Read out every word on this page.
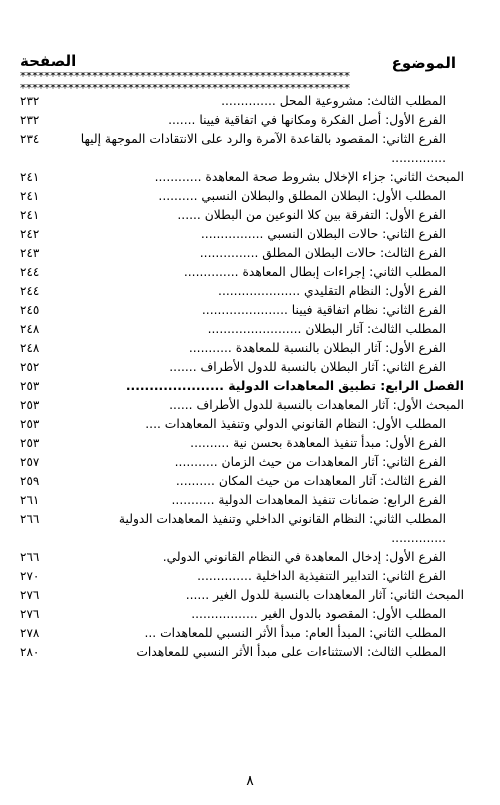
الموضوع
الصفحة
*******************************************************
*******************************************************
المطلب الثالث: مشروعية المحل ..............
٢٣٢
الفرع الأول: أصل الفكرة ومكانها في اتفاقية فيينا .......
٢٣٢
الفرع الثاني: المقصود بالقاعدة الآمرة والرد على الانتقادات الموجهة إليها ..............
٢٣٤
المبحث الثاني: جزاء الإخلال بشروط صحة المعاهدة ............
٢٤١
المطلب الأول: البطلان المطلق والبطلان النسبي ..........
٢٤١
الفرع الأول: التفرقة بين كلا النوعين من البطلان ......
٢٤١
الفرع الثاني: حالات البطلان النسبي ................
٢٤٢
الفرع الثالث: حالات البطلان المطلق ...............
٢٤٣
المطلب الثاني: إجراءات إبطال المعاهدة ..............
٢٤٤
الفرع الأول: النظام التقليدي .....................
٢٤٤
الفرع الثاني: نظام اتفاقية فيينا ......................
٢٤٥
المطلب الثالث: آثار البطلان ........................
٢٤٨
الفرع الأول: آثار البطلان بالنسبة للمعاهدة ...........
٢٤٨
الفرع الثاني: آثار البطلان بالنسبة للدول الأطراف .......
٢٥٢
الفصل الرابع: تطبيق المعاهدات الدولية .....................
٢٥٣
المبحث الأول: آثار المعاهدات بالنسبة للدول الأطراف ......
٢٥٣
المطلب الأول: النظام القانوني الدولي وتنفيذ المعاهدات ....
٢٥٣
الفرع الأول: مبدأ تنفيذ المعاهدة بحسن نية ..........
٢٥٣
الفرع الثاني: آثار المعاهدات من حيث الزمان ...........
٢٥٧
الفرع الثالث: آثار المعاهدات من حيث المكان ..........
٢٥٩
الفرع الرابع: ضمانات تنفيذ المعاهدات الدولية ...........
٢٦١
المطلب الثاني: النظام القانوني الداخلي وتنفيذ المعاهدات الدولية ..............
٢٦٦
الفرع الأول: إدخال المعاهدة في النظام القانوني الدولي.
٢٦٦
الفرع الثاني: التدابير التنفيذية الداخلية ..............
٢٧٠
المبحث الثاني: آثار المعاهدات بالنسبة للدول الغير ......
٢٧٦
المطلب الأول: المقصود بالدول الغير .................
٢٧٦
المطلب الثاني: المبدأ العام: مبدأ الأثر النسبي للمعاهدات ...
٢٧٨
المطلب الثالث: الاستثناءات على مبدأ الأثر النسبي للمعاهدات
٢٨٠
٨
